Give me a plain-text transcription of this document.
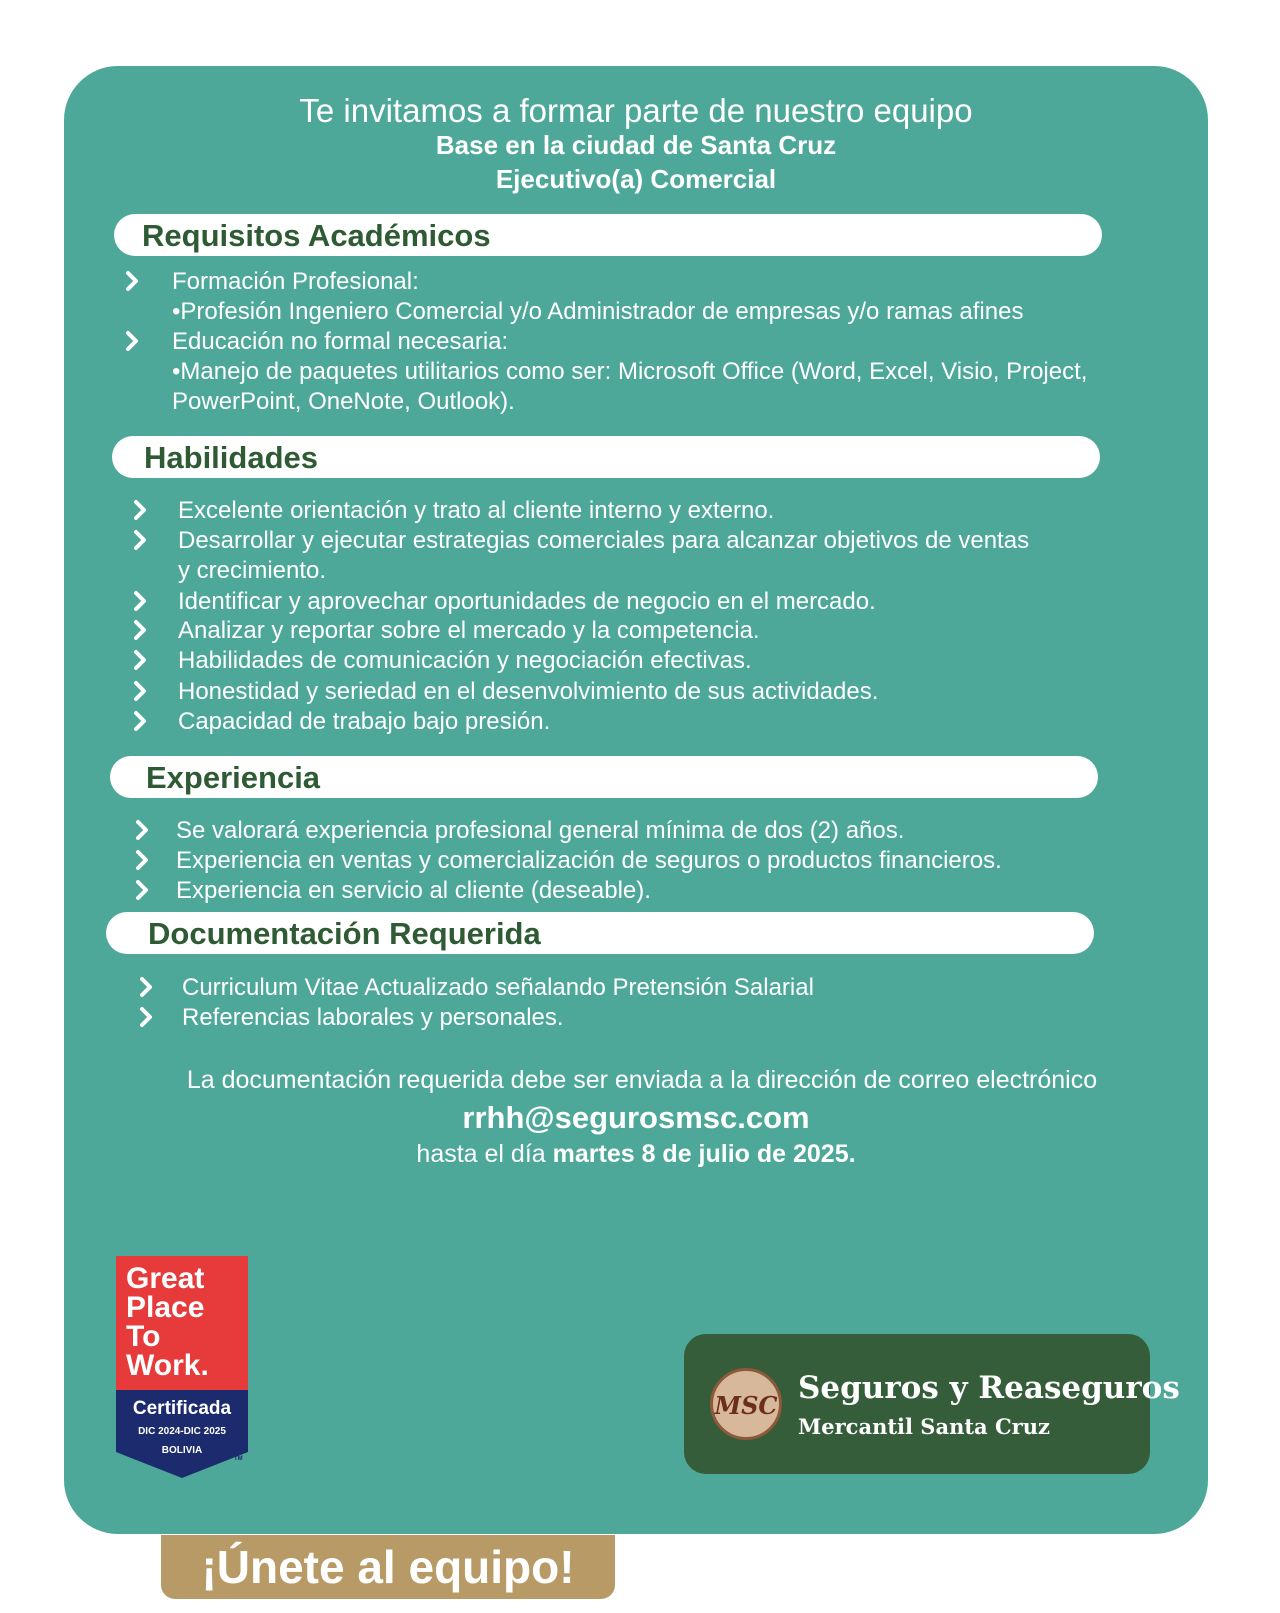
Te invitamos a formar parte de nuestro equipo
Base en la ciudad de Santa Cruz
Ejecutivo(a) Comercial
Requisitos Académicos
Formación Profesional:
•Profesión Ingeniero Comercial y/o Administrador de empresas y/o ramas afines
Educación no formal necesaria:
•Manejo de paquetes utilitarios como ser: Microsoft Office (Word, Excel, Visio, Project,
PowerPoint, OneNote, Outlook).
Habilidades
Excelente orientación y trato al cliente interno y externo.
Desarrollar y ejecutar estrategias comerciales para alcanzar objetivos de ventas
y crecimiento.
Identificar y aprovechar oportunidades de negocio en el mercado.
Analizar y reportar sobre el mercado y la competencia.
Habilidades de comunicación y negociación efectivas.
Honestidad y seriedad en el desenvolvimiento de sus actividades.
Capacidad de trabajo bajo presión.
Experiencia
Se valorará experiencia profesional general mínima de dos (2) años.
Experiencia en ventas y comercialización de seguros o productos financieros.
Experiencia en servicio al cliente (deseable).
Documentación Requerida
Curriculum Vitae Actualizado señalando Pretensión Salarial
Referencias laborales y personales.
La documentación requerida debe ser enviada a la dirección de correo electrónico
rrhh@segurosmsc.com
hasta el día martes 8 de julio de 2025.
Great
Place
To
Work.
Certificada
DIC 2024-DIC 2025
BOLIVIA
TM
MSC Seguros y Reaseguros
Mercantil Santa Cruz
¡Únete al equipo!
